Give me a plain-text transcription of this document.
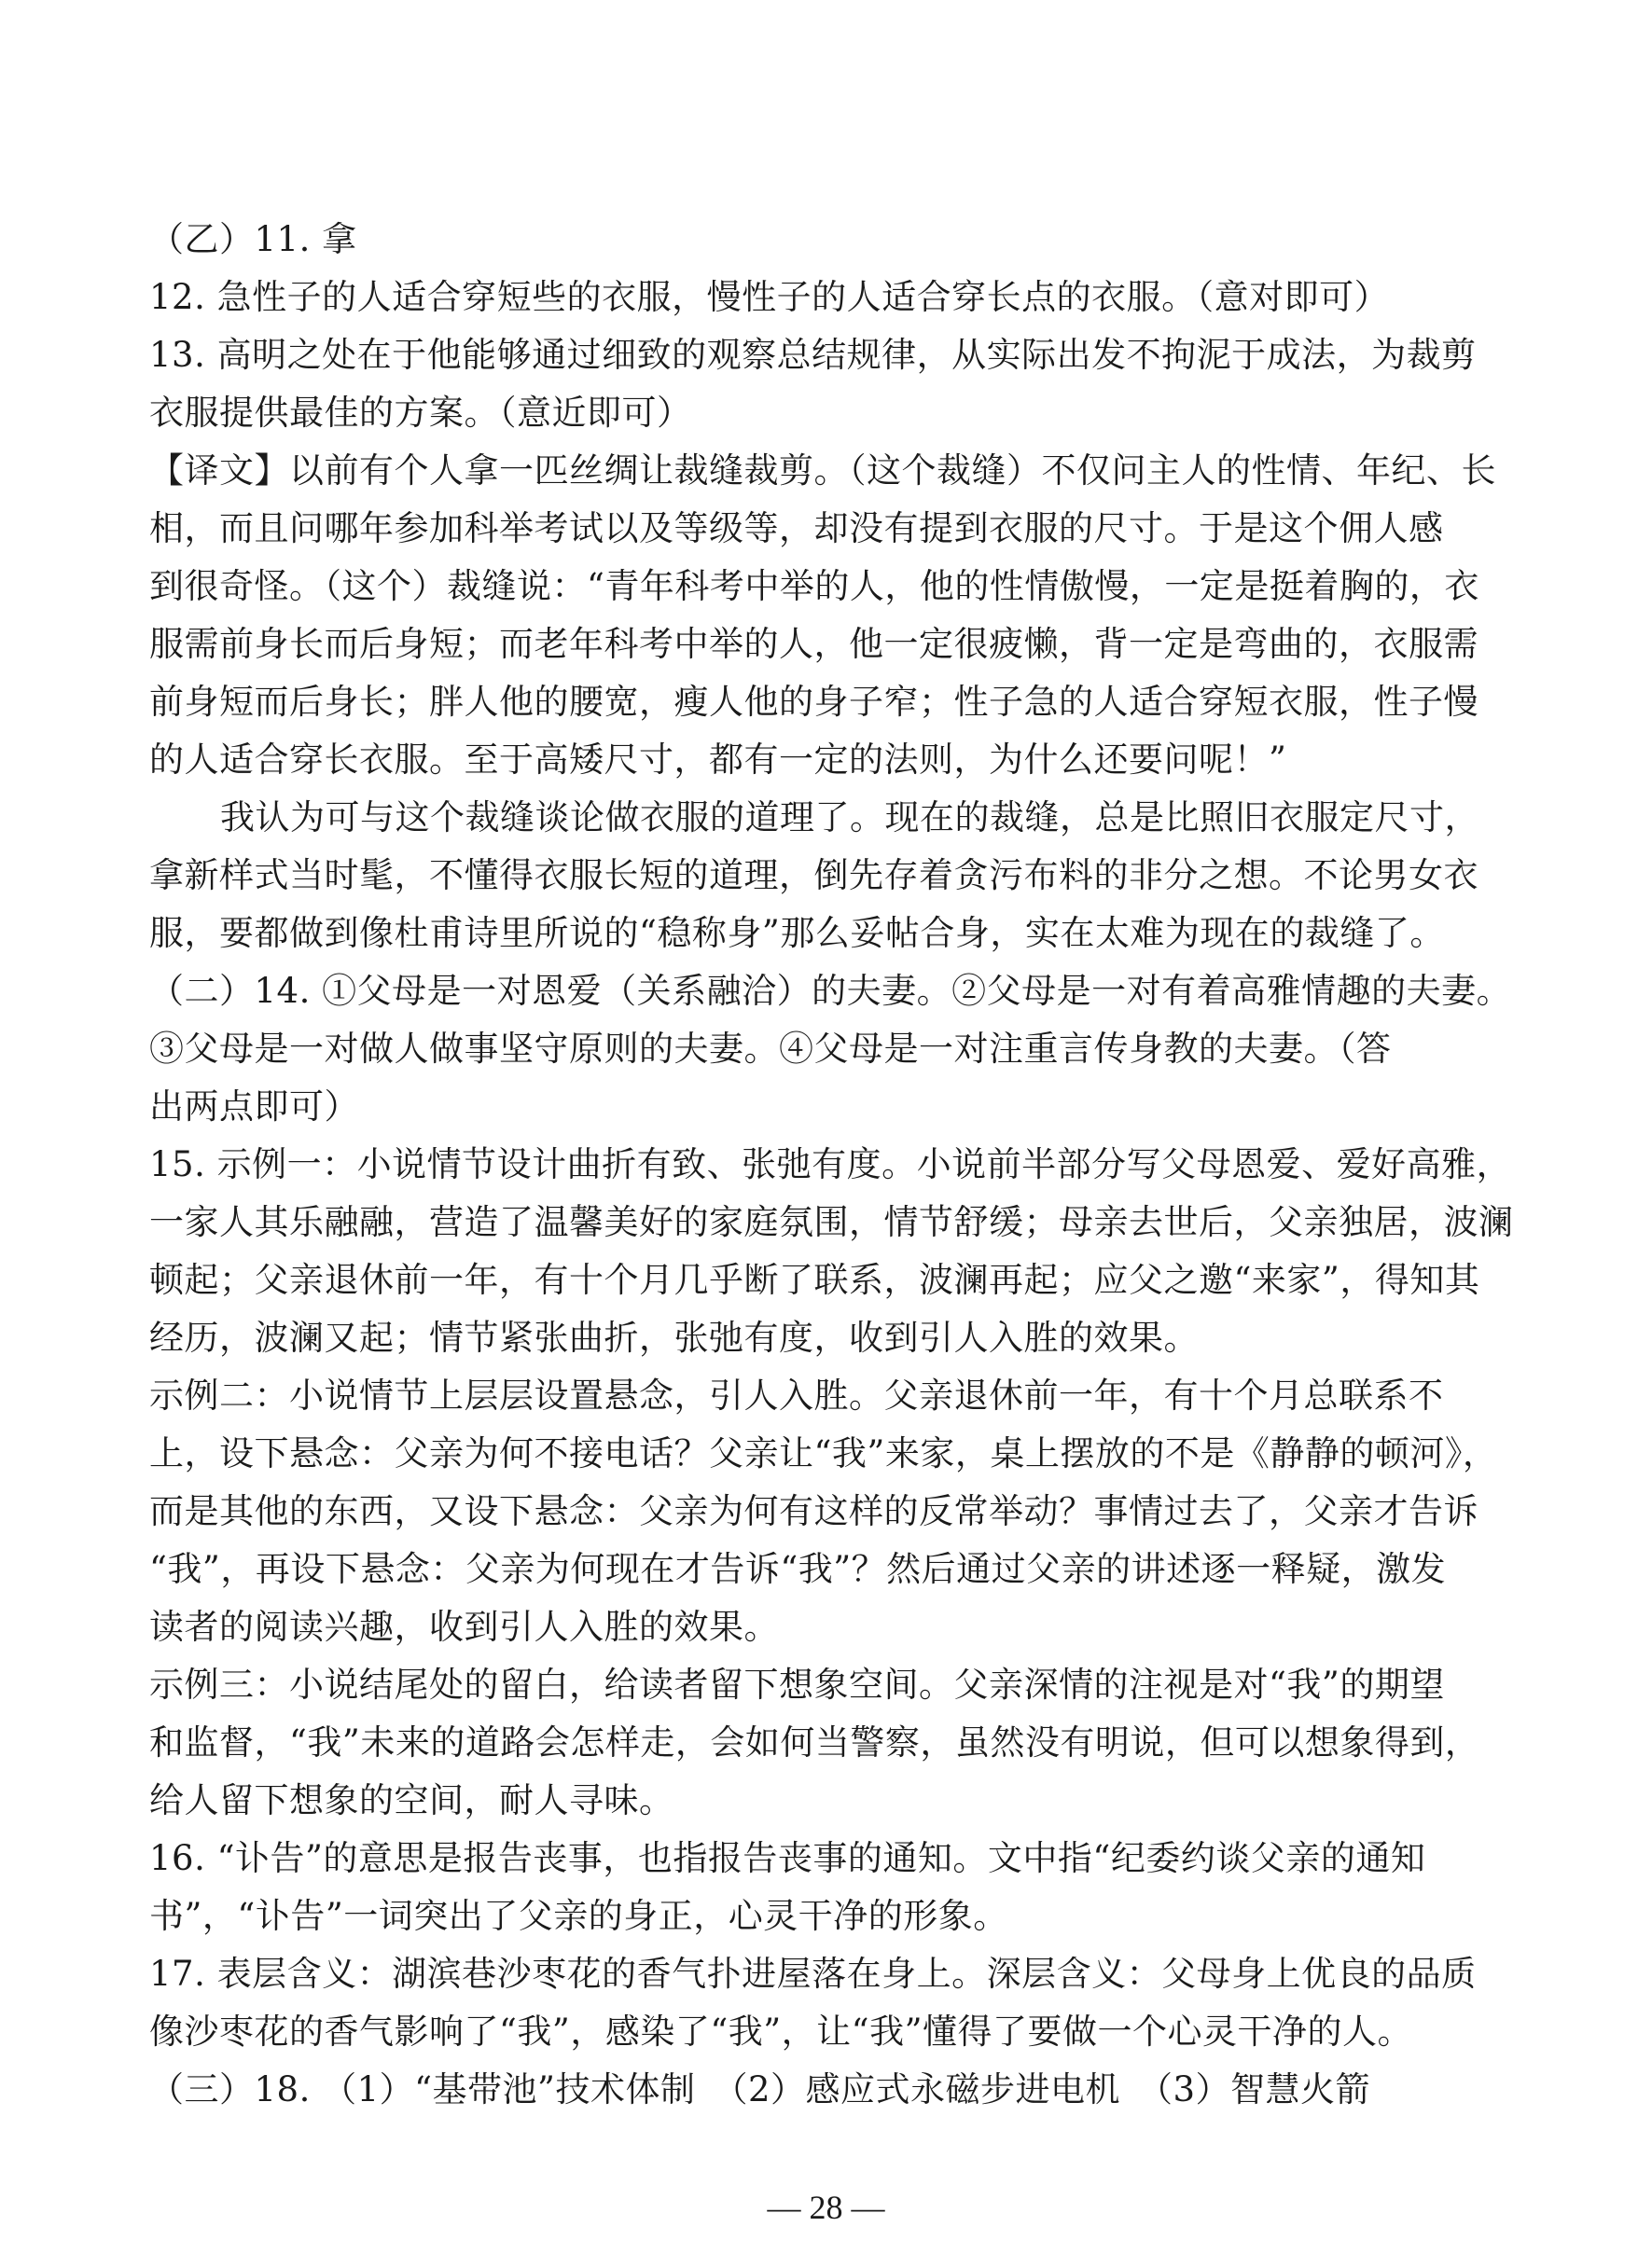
（乙）11. 拿
12. 急性子的人适合穿短些的衣服，慢性子的人适合穿长点的衣服。（意对即可）
13. 高明之处在于他能够通过细致的观察总结规律，从实际出发不拘泥于成法，为裁剪
衣服提供最佳的方案。（意近即可）
【译文】以前有个人拿一匹丝绸让裁缝裁剪。（这个裁缝）不仅问主人的性情、年纪、长
相，而且问哪年参加科举考试以及等级等，却没有提到衣服的尺寸。于是这个佣人感
到很奇怪。（这个）裁缝说：“青年科考中举的人，他的性情傲慢，一定是挺着胸的，衣
服需前身长而后身短；而老年科考中举的人，他一定很疲懒，背一定是弯曲的，衣服需
前身短而后身长；胖人他的腰宽，瘦人他的身子窄；性子急的人适合穿短衣服，性子慢
的人适合穿长衣服。至于高矮尺寸，都有一定的法则，为什么还要问呢！”
我认为可与这个裁缝谈论做衣服的道理了。现在的裁缝，总是比照旧衣服定尺寸，
拿新样式当时髦，不懂得衣服长短的道理，倒先存着贪污布料的非分之想。不论男女衣
服，要都做到像杜甫诗里所说的“稳称身”那么妥帖合身，实在太难为现在的裁缝了。
（二）14. ①父母是一对恩爱（关系融洽）的夫妻。②父母是一对有着高雅情趣的夫妻。
③父母是一对做人做事坚守原则的夫妻。④父母是一对注重言传身教的夫妻。（答
出两点即可）
15. 示例一：小说情节设计曲折有致、张弛有度。小说前半部分写父母恩爱、爱好高雅，
一家人其乐融融，营造了温馨美好的家庭氛围，情节舒缓；母亲去世后，父亲独居，波澜
顿起；父亲退休前一年，有十个月几乎断了联系，波澜再起；应父之邀“来家”，得知其
经历，波澜又起；情节紧张曲折，张弛有度，收到引人入胜的效果。
示例二：小说情节上层层设置悬念，引人入胜。父亲退休前一年，有十个月总联系不
上，设下悬念：父亲为何不接电话？父亲让“我”来家，桌上摆放的不是《静静的顿河》，
而是其他的东西，又设下悬念：父亲为何有这样的反常举动？事情过去了，父亲才告诉
“我”，再设下悬念：父亲为何现在才告诉“我”？然后通过父亲的讲述逐一释疑，激发
读者的阅读兴趣，收到引人入胜的效果。
示例三：小说结尾处的留白，给读者留下想象空间。父亲深情的注视是对“我”的期望
和监督，“我”未来的道路会怎样走，会如何当警察，虽然没有明说，但可以想象得到，
给人留下想象的空间，耐人寻味。
16. “讣告”的意思是报告丧事，也指报告丧事的通知。文中指“纪委约谈父亲的通知
书”，“讣告”一词突出了父亲的身正，心灵干净的形象。
17. 表层含义：湖滨巷沙枣花的香气扑进屋落在身上。深层含义：父母身上优良的品质
像沙枣花的香气影响了“我”，感染了“我”，让“我”懂得了要做一个心灵干净的人。
（三）18. （1）“基带池”技术体制　（2）感应式永磁步进电机　（3）智慧火箭
— 28 —
